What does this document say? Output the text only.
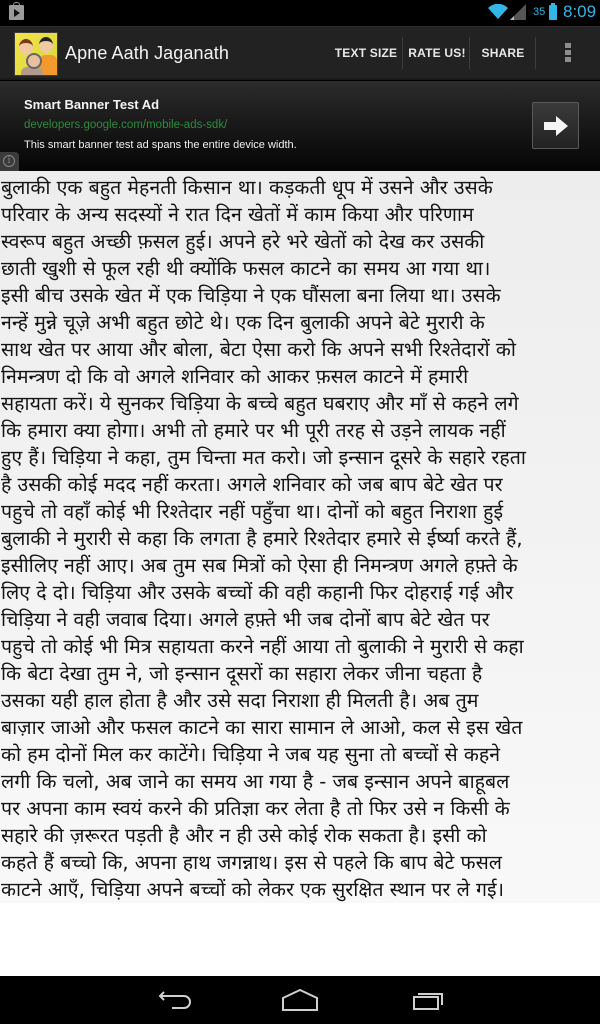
35 8:09
Apne Aath Jaganath	TEXT SIZE RATE US!	SHARE
Smart Banner Test Ad
developers.google.com/mobile-ads-sdk/
This smart banner test ad spans the entire device width.
i
बुलाकी एक बहुत मेहनती किसान था। कड़कती धूप में उसने और उसके
परिवार के अन्य सदस्यों ने रात दिन खेतों में काम किया और परिणाम
स्वरूप बहुत अच्छी फ़सल हुई। अपने हरे भरे खेतों को देख कर उसकी
छाती खुशी से फूल रही थी क्योंकि फसल काटने का समय आ गया था।
इसी बीच उसके खेत में एक चिड़िया ने एक घौंसला बना लिया था। उसके
नन्हें मुन्ने चूज़े अभी बहुत छोटे थे। एक दिन बुलाकी अपने बेटे मुरारी के
साथ खेत पर आया और बोला, बेटा ऐसा करो कि अपने सभी रिश्तेदारों को
निमन्त्रण दो कि वो अगले शनिवार को आकर फ़सल काटने में हमारी
सहायता करें। ये सुनकर चिड़िया के बच्चे बहुत घबराए और माँ से कहने लगे
कि हमारा क्या होगा। अभी तो हमारे पर भी पूरी तरह से उड़ने लायक नहीं
हुए हैं। चिड़िया ने कहा, तुम चिन्ता मत करो। जो इन्सान दूसरे के सहारे रहता
है उसकी कोई मदद नहीं करता। अगले शनिवार को जब बाप बेटे खेत पर
पहुचे तो वहाँ कोई भी रिश्तेदार नहीं पहुँचा था। दोनों को बहुत निराशा हुई
बुलाकी ने मुरारी से कहा कि लगता है हमारे रिश्तेदार हमारे से ईर्ष्या करते हैं,
इसीलिए नहीं आए। अब तुम सब मित्रों को ऐसा ही निमन्त्रण अगले हफ़्ते के
लिए दे दो। चिड़िया और उसके बच्चों की वही कहानी फिर दोहराई गई और
चिड़िया ने वही जवाब दिया। अगले हफ़्ते भी जब दोनों बाप बेटे खेत पर
पहुचे तो कोई भी मित्र सहायता करने नहीं आया तो बुलाकी ने मुरारी से कहा
कि बेटा देखा तुम ने, जो इन्सान दूसरों का सहारा लेकर जीना चहता है
उसका यही हाल होता है और उसे सदा निराशा ही मिलती है। अब तुम
बाज़ार जाओ और फसल काटने का सारा सामान ले आओ, कल से इस खेत
को हम दोनों मिल कर काटेंगे। चिड़िया ने जब यह सुना तो बच्चों से कहने
लगी कि चलो, अब जाने का समय आ गया है - जब इन्सान अपने बाहूबल
पर अपना काम स्वयं करने की प्रतिज्ञा कर लेता है तो फिर उसे न किसी के
सहारे की ज़रूरत पड़ती है और न ही उसे कोई रोक सकता है। इसी को
कहते हैं बच्चो कि, अपना हाथ जगन्नाथ। इस से पहले कि बाप बेटे फसल
काटने आएँ, चिड़िया अपने बच्चों को लेकर एक सुरक्षित स्थान पर ले गई।
